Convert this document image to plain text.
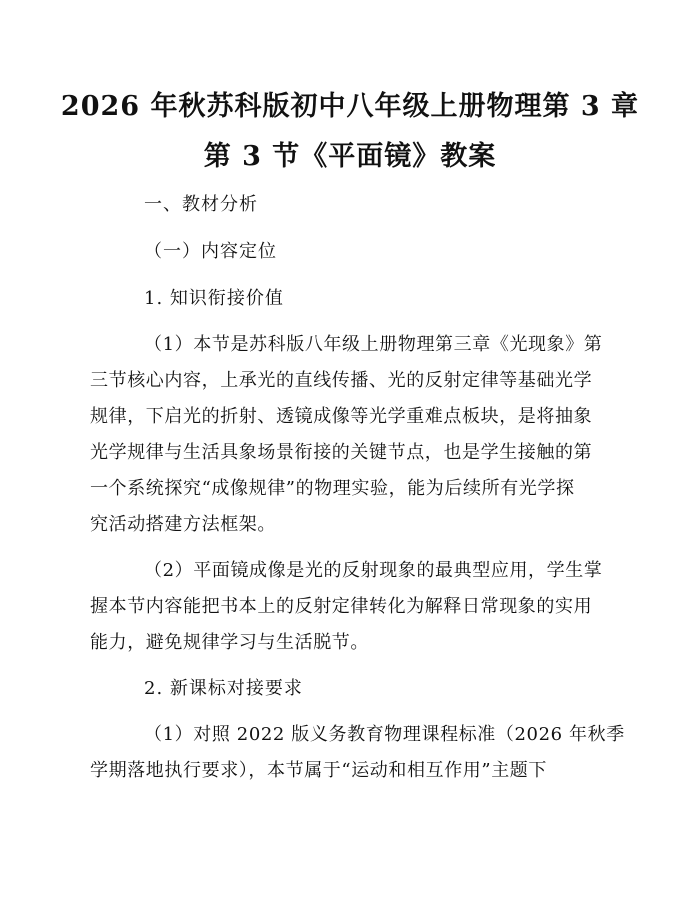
2026 年秋苏科版初中八年级上册物理第 3 章
第 3 节《平面镜》教案
一、教材分析
（一）内容定位
1. 知识衔接价值
（1）本节是苏科版八年级上册物理第三章《光现象》第
三节核心内容，上承光的直线传播、光的反射定律等基础光学
规律，下启光的折射、透镜成像等光学重难点板块，是将抽象
光学规律与生活具象场景衔接的关键节点，也是学生接触的第
一个系统探究“成像规律”的物理实验，能为后续所有光学探
究活动搭建方法框架。
（2）平面镜成像是光的反射现象的最典型应用，学生掌
握本节内容能把书本上的反射定律转化为解释日常现象的实用
能力，避免规律学习与生活脱节。
2. 新课标对接要求
（1）对照 2022 版义务教育物理课程标准（2026 年秋季
学期落地执行要求），本节属于“运动和相互作用”主题下
